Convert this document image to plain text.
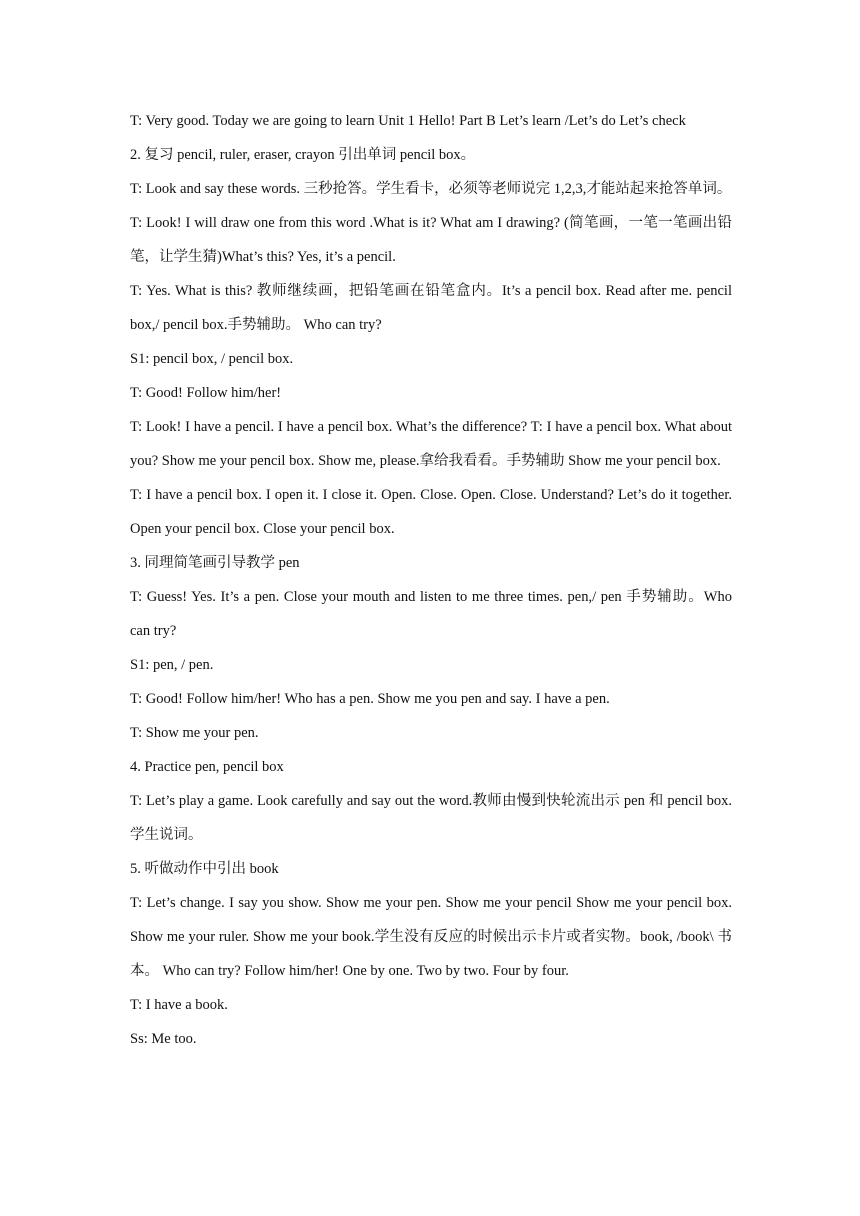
T: Very good. Today we are going to learn Unit 1 Hello! Part B Let’s learn /Let’s do Let’s check

2. 复习 pencil, ruler, eraser, crayon 引出单词 pencil box。

T: Look and say these words. 三秒抢答。学生看卡，必须等老师说完 1,2,3,才能站起来抢答单词。

T: Look! I will draw one from this word .What is it? What am I drawing? (简笔画，一笔一笔画出铅笔，让学生猜)What’s this? Yes, it’s a pencil.

T: Yes. What is this? 教师继续画，把铅笔画在铅笔盒内。It’s a pencil box. Read after me. pencil box,/ pencil box.手势辅助。 Who can try?

S1: pencil box, / pencil box.

T: Good! Follow him/her!

T: Look! I have a pencil. I have a pencil box. What’s the difference? T: I have a pencil box. What about you? Show me your pencil box. Show me, please.拿给我看看。手势辅助 Show me your pencil box.

T: I have a pencil box. I open it. I close it. Open. Close. Open. Close. Understand? Let’s do it together. Open your pencil box. Close your pencil box.

3. 同理简笔画引导教学 pen

T: Guess! Yes. It’s a pen. Close your mouth and listen to me three times. pen,/ pen 手势辅助。Who can try?

S1: pen, / pen.

T: Good! Follow him/her! Who has a pen. Show me you pen and say. I have a pen.

T: Show me your pen.

4. Practice pen, pencil box

T: Let’s play a game. Look carefully and say out the word.教师由慢到快轮流出示 pen 和 pencil box.学生说词。

5. 听做动作中引出 book

T: Let’s change. I say you show. Show me your pen. Show me your pencil Show me your pencil box. Show me your ruler. Show me your book.学生没有反应的时候出示卡片或者实物。book, /book\ 书本。 Who can try? Follow him/her! One by one. Two by two. Four by four.

T: I have a book.

Ss: Me too.
